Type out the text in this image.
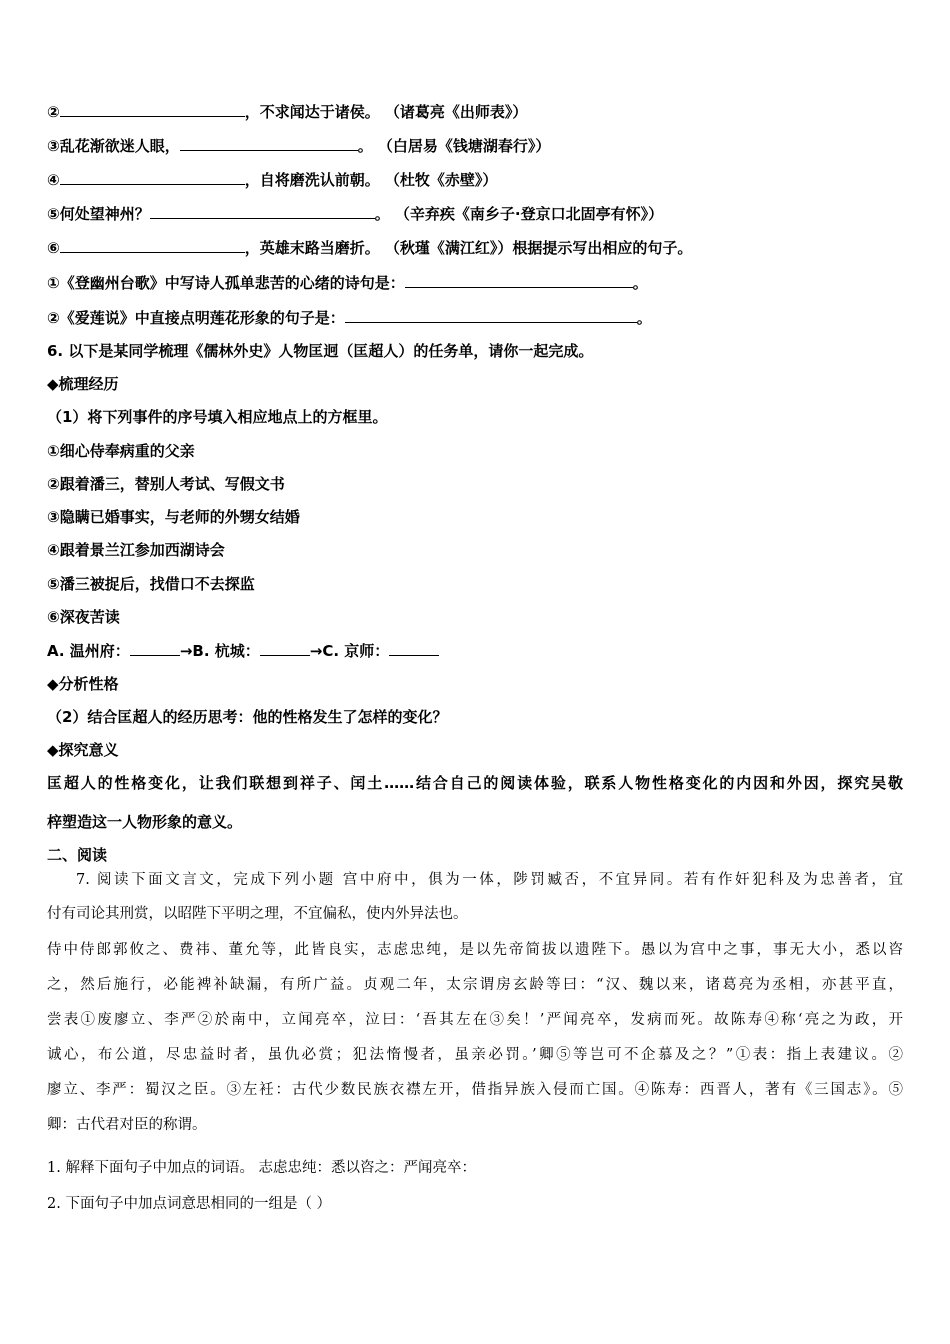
②	，不求闻达于诸侯。 （诸葛亮《出师表》）
③乱花渐欲迷人眼，	。 （白居易《钱塘湖春行》）
④	，自将磨洗认前朝。 （杜牧《赤壁》）
⑤何处望神州？	。 （辛弃疾《南乡子·登京口北固亭有怀》）
⑥	，英雄末路当磨折。 （秋瑾《满江红》）根据提示写出相应的句子。
①《登幽州台歌》中写诗人孤单悲苦的心绪的诗句是：	。
②《爱莲说》中直接点明莲花形象的句子是：	。
6. 以下是某同学梳理《儒林外史》人物匡迥（匡超人）的任务单，请你一起完成。
◆梳理经历
（1）将下列事件的序号填入相应地点上的方框里。
①细心侍奉病重的父亲
②跟着潘三，替别人考试、写假文书
③隐瞒已婚事实，与老师的外甥女结婚
④跟着景兰江参加西湖诗会
⑤潘三被捉后，找借口不去探监
⑥深夜苦读
A. 温州府：	→B. 杭城：	→C. 京师：
◆分析性格
（2）结合匡超人的经历思考：他的性格发生了怎样的变化？
◆探究意义
匡超人的性格变化，让我们联想到祥子、闰土……结合自己的阅读体验，联系人物性格变化的内因和外因，探究吴敬
梓塑造这一人物形象的意义。
二、阅读
7. 阅读下面文言文，完成下列小题 宫中府中，俱为一体，陟罚臧否，不宜异同。若有作奸犯科及为忠善者，宜
付有司论其刑赏，以昭陛下平明之理，不宜偏私，使内外异法也。
侍中侍郎郭攸之、费祎、董允等，此皆良实，志虑忠纯，是以先帝简拔以遗陛下。愚以为宫中之事，事无大小，悉以咨
之，然后施行，必能裨补缺漏，有所广益。贞观二年，太宗谓房玄龄等曰：“汉、魏以来，诸葛亮为丞相，亦甚平直，
尝表①废廖立、李严②於南中，立闻亮卒，泣曰：‘吾其左在③矣！’严闻亮卒，发病而死。故陈寿④称‘亮之为政，开
诚心，布公道，尽忠益时者，虽仇必赏；犯法惰慢者，虽亲必罚。’卿⑤等岂可不企慕及之？”①表：指上表建议。②
廖立、李严：蜀汉之臣。③左衽：古代少数民族衣襟左开，借指异族入侵而亡国。④陈寿：西晋人，著有《三国志》。⑤
卿：古代君对臣的称谓。
1. 解释下面句子中加点的词语。 志虑忠纯：悉以咨之：严闻亮卒：
2. 下面句子中加点词意思相同的一组是（ ）
